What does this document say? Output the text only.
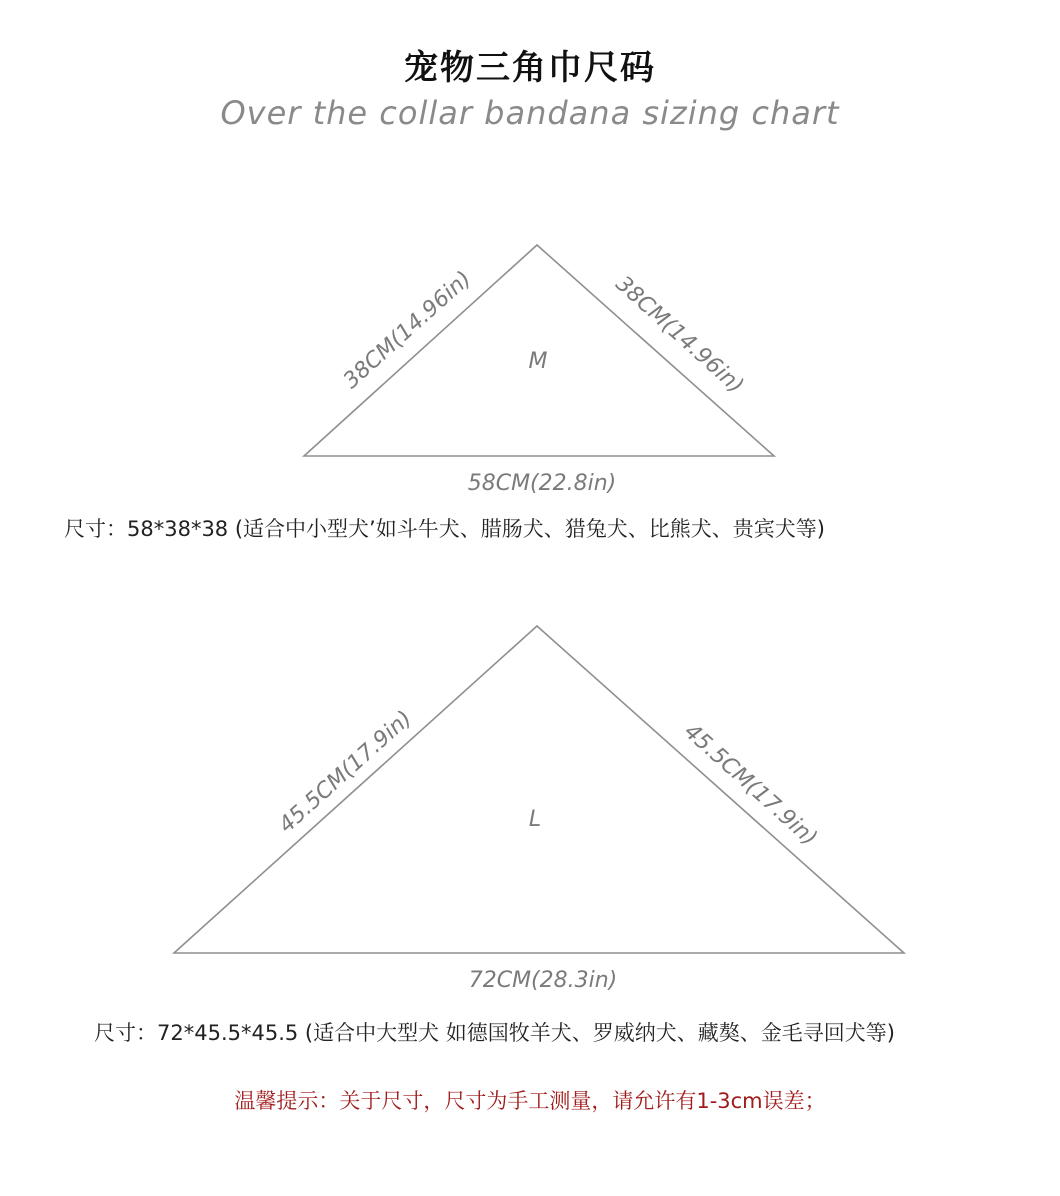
宠物三角巾尺码
Over the collar bandana sizing chart
38CM(14.96in)	38CM(14.96in)
58CM(22.8in)
M
45.5CM(17.9in)	45.5CM(17.9in)
72CM(28.3in)
L
尺寸：58*38*38 (适合中小型犬’如斗牛犬、腊肠犬、猎兔犬、比熊犬、贵宾犬等)
尺寸：72*45.5*45.5 (适合中大型犬 如德国牧羊犬、罗威纳犬、藏獒、金毛寻回犬等)
温馨提示：关于尺寸，尺寸为手工测量，请允许有1-3cm误差；
